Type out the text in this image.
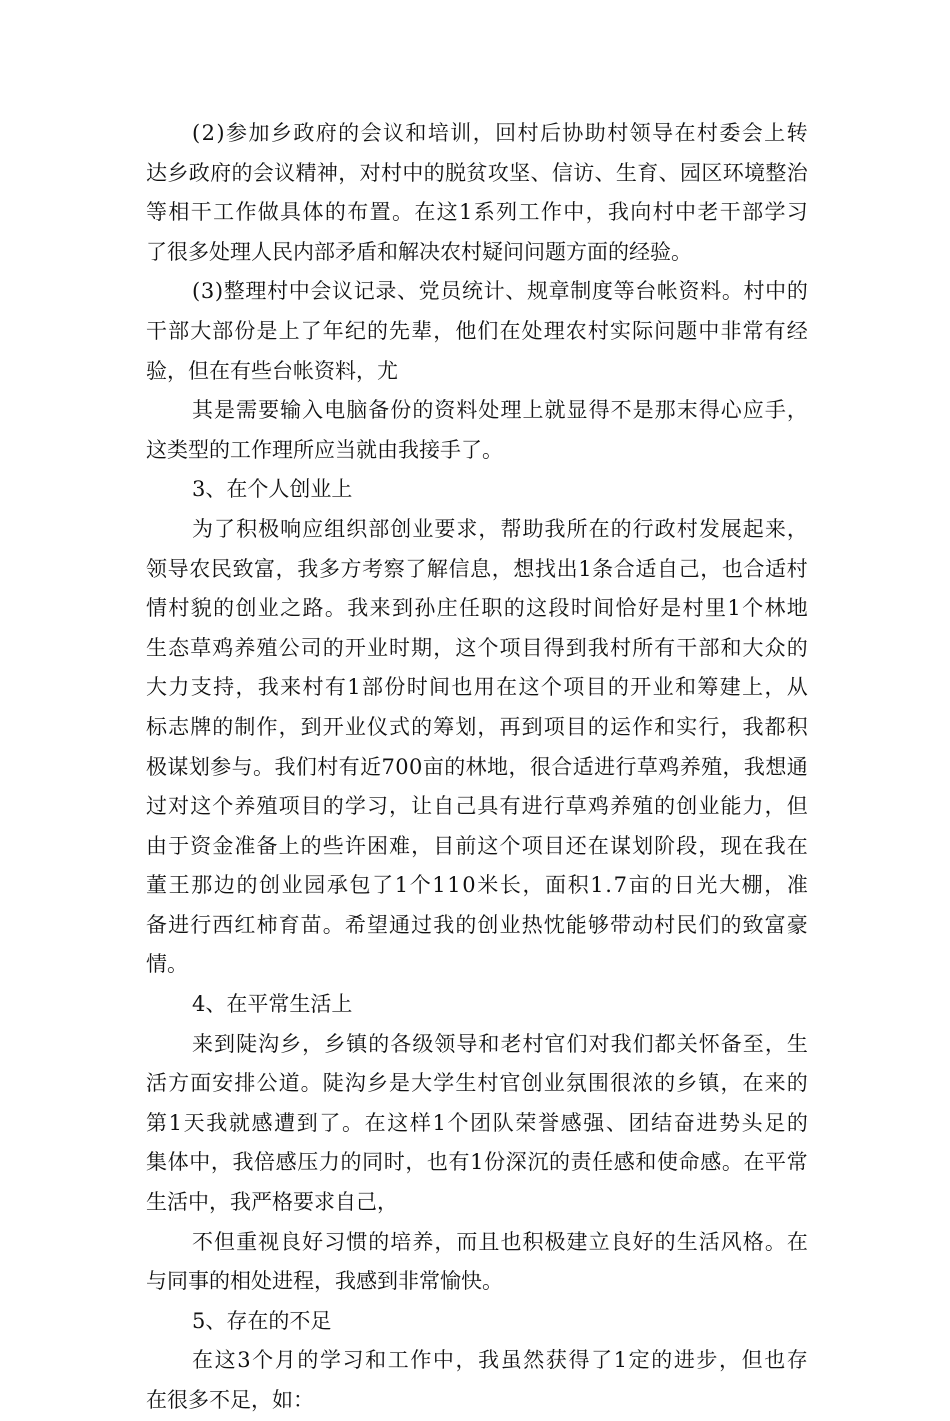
( 2 ) 参 加 乡 政 府 的 会 议 和 培 训 ， 回 村 后 协 助 村 领 导 在 村 委 会 上 转
达 乡 政 府 的 会 议 精 神 ， 对 村 中 的 脱 贫 攻 坚 、 信 访 、 生 育 、 园 区 环 境 整 治
等 相 干 工 作 做 具 体 的 布 置 。 在 这 1 系 列 工 作 中 ， 我 向 村 中 老 干 部 学 习
了很多处理人民内部矛盾和解决农村疑问问题方面的经验。
( 3 ) 整 理 村 中 会 议 记 录 、 党 员 统 计 、 规 章 制 度 等 台 帐 资 料 。 村 中 的
干 部 大 部 份 是 上 了 年 纪 的 先 辈 ， 他 们 在 处 理 农 村 实 际 问 题 中 非 常 有 经
验，但在有些台帐资料，尤
其 是 需 要 输 入 电 脑 备 份 的 资 料 处 理 上 就 显 得 不 是 那 末 得 心 应 手 ，
这类型的工作理所应当就由我接手了。
3、在个人创业上
为 了 积 极 响 应 组 织 部 创 业 要 求 ， 帮 助 我 所 在 的 行 政 村 发 展 起 来 ，
领 导 农 民 致 富 ， 我 多 方 考 察 了 解 信 息 ， 想 找 出 1 条 合 适 自 己 ， 也 合 适 村
情 村 貌 的 创 业 之 路 。 我 来 到 孙 庄 任 职 的 这 段 时 间 恰 好 是 村 里 1 个 林 地
生 态 草 鸡 养 殖 公 司 的 开 业 时 期 ， 这 个 项 目 得 到 我 村 所 有 干 部 和 大 众 的
大 力 支 持 ， 我 来 村 有 1 部 份 时 间 也 用 在 这 个 项 目 的 开 业 和 筹 建 上 ， 从
标 志 牌 的 制 作 ， 到 开 业 仪 式 的 筹 划 ， 再 到 项 目 的 运 作 和 实 行 ， 我 都 积
极 谋 划 参 与 。 我 们 村 有 近 7 0 0 亩 的 林 地 ， 很 合 适 进 行 草 鸡 养 殖 ， 我 想 通
过 对 这 个 养 殖 项 目 的 学 习 ， 让 自 己 具 有 进 行 草 鸡 养 殖 的 创 业 能 力 ， 但
由 于 资 金 准 备 上 的 些 许 困 难 ， 目 前 这 个 项 目 还 在 谋 划 阶 段 ， 现 在 我 在
董 王 那 边 的 创 业 园 承 包 了 1 个 1 1 0 米 长 ， 面 积 1 . 7 亩 的 日 光 大 棚 ， 准
备 进 行 西 红 柿 育 苗 。 希 望 通 过 我 的 创 业 热 忱 能 够 带 动 村 民 们 的 致 富 豪
情。
4、在平常生活上
来 到 陡 沟 乡 ， 乡 镇 的 各 级 领 导 和 老 村 官 们 对 我 们 都 关 怀 备 至 ， 生
活 方 面 安 排 公 道 。 陡 沟 乡 是 大 学 生 村 官 创 业 氛 围 很 浓 的 乡 镇 ， 在 来 的
第 1 天 我 就 感 遭 到 了 。 在 这 样 1 个 团 队 荣 誉 感 强 、 团 结 奋 进 势 头 足 的
集 体 中 ， 我 倍 感 压 力 的 同 时 ， 也 有 1 份 深 沉 的 责 任 感 和 使 命 感 。 在 平 常
生活中，我严格要求自己，
不 但 重 视 良 好 习 惯 的 培 养 ， 而 且 也 积 极 建 立 良 好 的 生 活 风 格 。 在
与同事的相处进程，我感到非常愉快。
5、存在的不足
在 这 3 个 月 的 学 习 和 工 作 中 ， 我 虽 然 获 得 了 1 定 的 进 步 ， 但 也 存
在很多不足，如：
